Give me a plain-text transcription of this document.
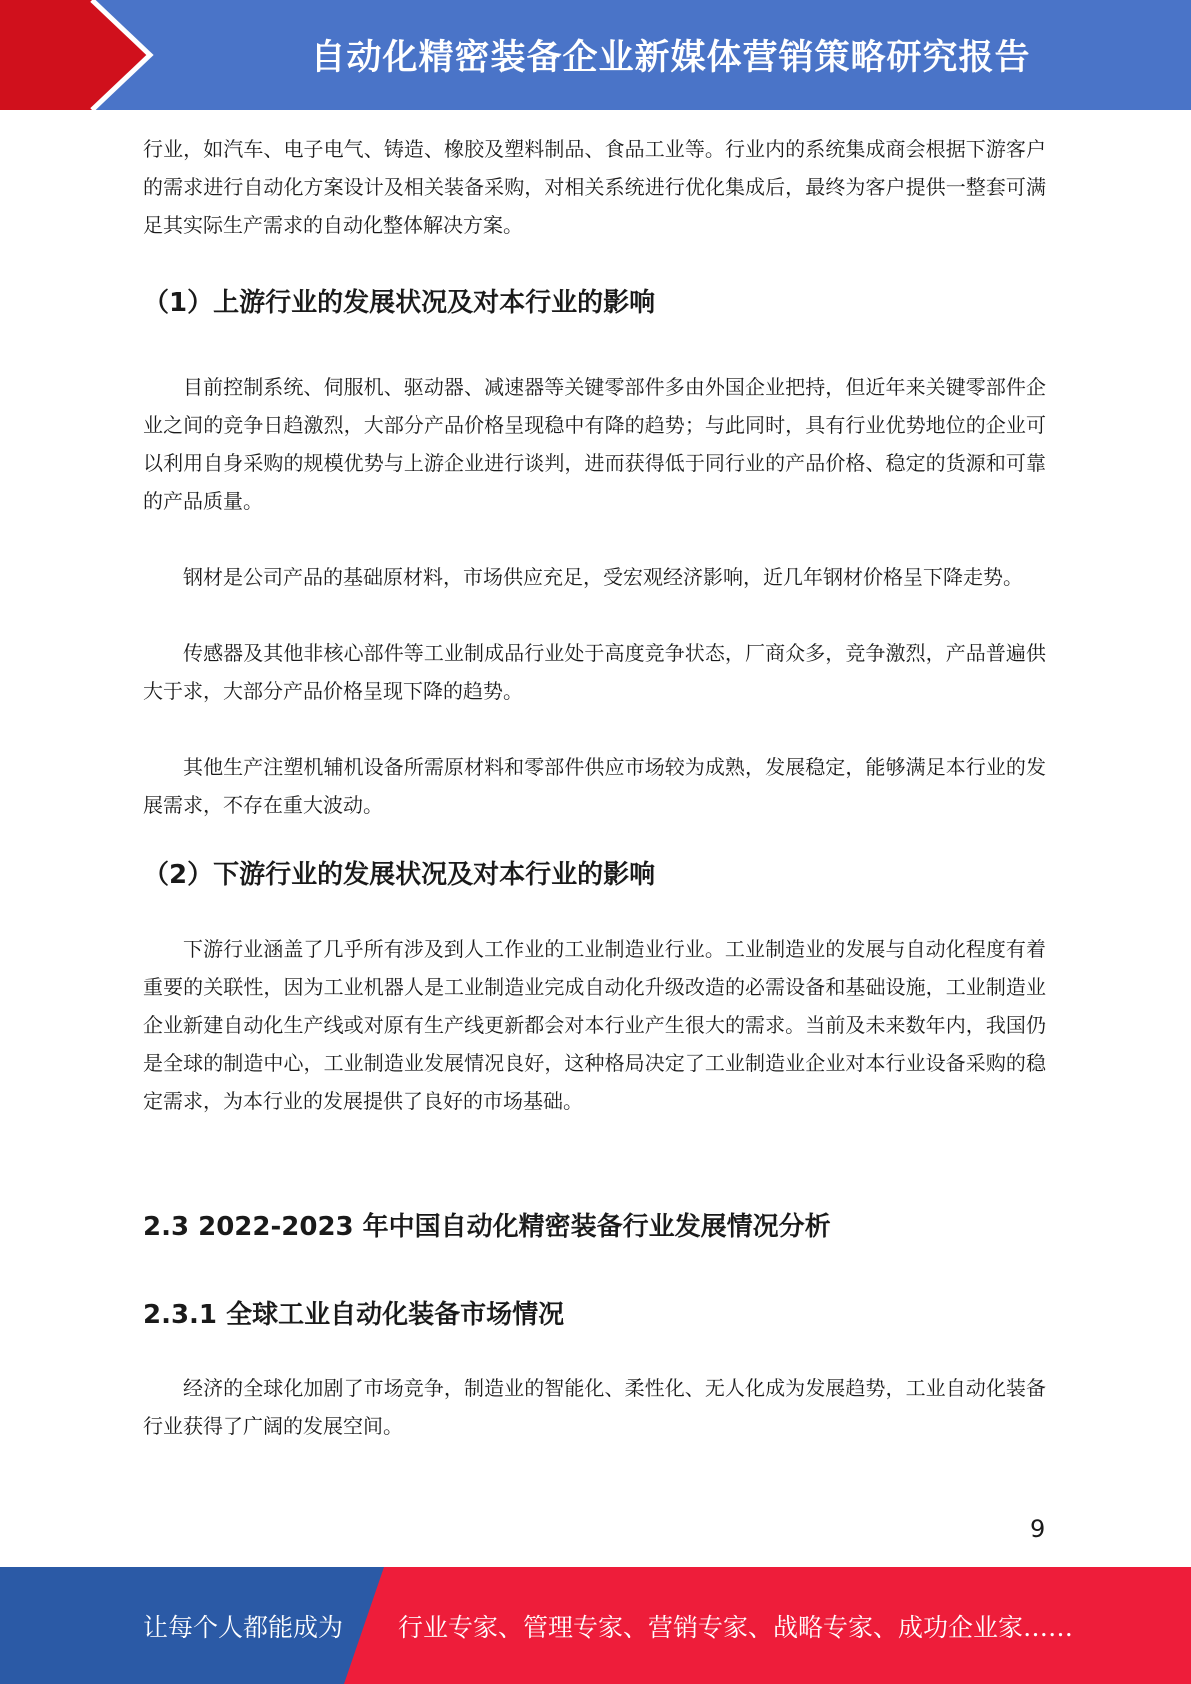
自动化精密装备企业新媒体营销策略研究报告

行业，如汽车、电子电气、铸造、橡胶及塑料制品、食品工业等。行业内的系统集成商会根据下游客户的需求进行自动化方案设计及相关装备采购，对相关系统进行优化集成后，最终为客户提供一整套可满足其实际生产需求的自动化整体解决方案。

（1）上游行业的发展状况及对本行业的影响

目前控制系统、伺服机、驱动器、减速器等关键零部件多由外国企业把持，但近年来关键零部件企业之间的竞争日趋激烈，大部分产品价格呈现稳中有降的趋势；与此同时，具有行业优势地位的企业可以利用自身采购的规模优势与上游企业进行谈判，进而获得低于同行业的产品价格、稳定的货源和可靠的产品质量。

钢材是公司产品的基础原材料，市场供应充足，受宏观经济影响，近几年钢材价格呈下降走势。

传感器及其他非核心部件等工业制成品行业处于高度竞争状态，厂商众多，竞争激烈，产品普遍供大于求，大部分产品价格呈现下降的趋势。

其他生产注塑机辅机设备所需原材料和零部件供应市场较为成熟，发展稳定，能够满足本行业的发展需求，不存在重大波动。

（2）下游行业的发展状况及对本行业的影响

下游行业涵盖了几乎所有涉及到人工作业的工业制造业行业。工业制造业的发展与自动化程度有着重要的关联性，因为工业机器人是工业制造业完成自动化升级改造的必需设备和基础设施，工业制造业企业新建自动化生产线或对原有生产线更新都会对本行业产生很大的需求。当前及未来数年内，我国仍是全球的制造中心，工业制造业发展情况良好，这种格局决定了工业制造业企业对本行业设备采购的稳定需求，为本行业的发展提供了良好的市场基础。

2.3 2022-2023 年中国自动化精密装备行业发展情况分析
2.3.1 全球工业自动化装备市场情况

经济的全球化加剧了市场竞争，制造业的智能化、柔性化、无人化成为发展趋势，工业自动化装备行业获得了广阔的发展空间。

9
让每个人都能成为 行业专家、管理专家、营销专家、战略专家、成功企业家……
